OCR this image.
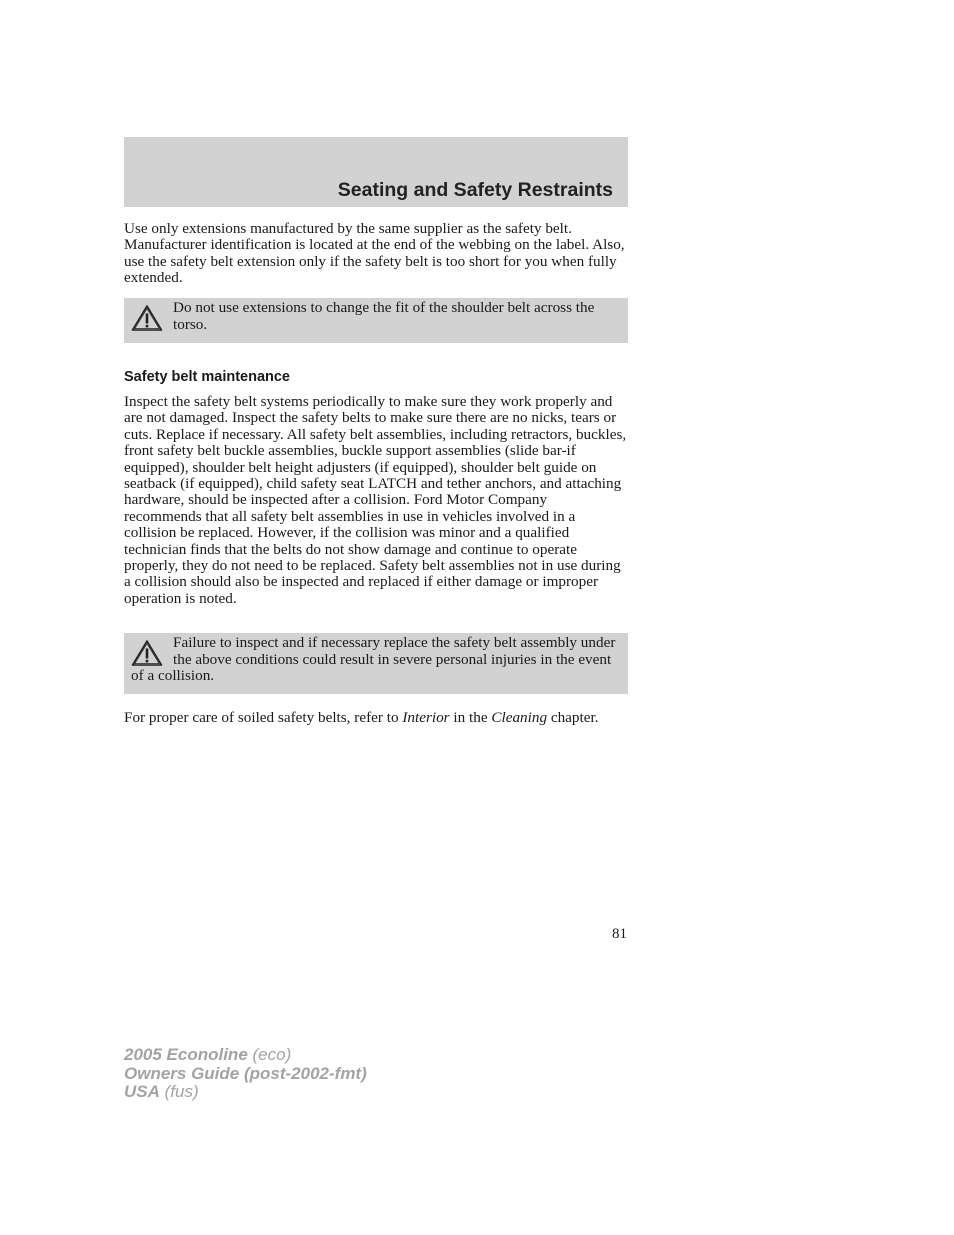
Seating and Safety Restraints

Use only extensions manufactured by the same supplier as the safety belt. Manufacturer identification is located at the end of the webbing on the label. Also, use the safety belt extension only if the safety belt is too short for you when fully extended.

Do not use extensions to change the fit of the shoulder belt across the torso.

Safety belt maintenance

Inspect the safety belt systems periodically to make sure they work properly and are not damaged. Inspect the safety belts to make sure there are no nicks, tears or cuts. Replace if necessary. All safety belt assemblies, including retractors, buckles, front safety belt buckle assemblies, buckle support assemblies (slide bar-if equipped), shoulder belt height adjusters (if equipped), shoulder belt guide on seatback (if equipped), child safety seat LATCH and tether anchors, and attaching hardware, should be inspected after a collision. Ford Motor Company recommends that all safety belt assemblies in use in vehicles involved in a collision be replaced. However, if the collision was minor and a qualified technician finds that the belts do not show damage and continue to operate properly, they do not need to be replaced. Safety belt assemblies not in use during a collision should also be inspected and replaced if either damage or improper operation is noted.

Failure to inspect and if necessary replace the safety belt assembly under the above conditions could result in severe personal injuries in the event of a collision.

For proper care of soiled safety belts, refer to Interior in the Cleaning chapter.

81
2005 Econoline (eco)
Owners Guide (post-2002-fmt)
USA (fus)
